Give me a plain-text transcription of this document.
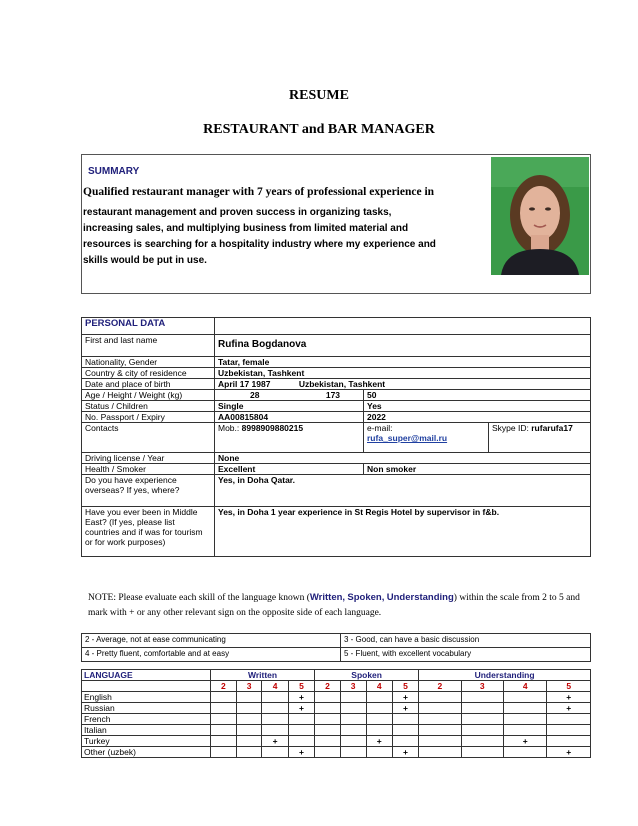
RESUME
RESTAURANT and BAR MANAGER
SUMMARY
Qualified restaurant manager with 7 years of professional experience in
restaurant management and proven success in organizing tasks,
increasing sales, and multiplying business from limited material and
resources is searching for a hospitality industry where my experience and
skills would be put in use.
PERSONAL DATA			
First and last name	Rufina Bogdanova		
Nationality, Gender	Tatar, female		
Country & city of residence	Uzbekistan, Tashkent		
Date and place of birth	April 17 1987 Uzbekistan, Tashkent		
Age / Height / Weight (kg)	28 173	50	
Status / Children	Single	Yes	
No. Passport / Expiry	AA00815804	2022	
Contacts	Mob.: 8998909880215	e-mail:
rufa_super@mail.ru	Skype ID: rufarufa17
Driving license / Year	None		
Health / Smoker	Excellent	Non smoker	
Do you have experience overseas? If yes, where?	Yes, in Doha Qatar.		
Have you ever been in Middle East? (If yes, please list countries and if was for tourism or for work purposes)	Yes, in Doha 1 year experience in St Regis Hotel by supervisor in f&b.		
NOTE: Please evaluate each skill of the language known (Written, Spoken, Understanding) within the scale from 2 to 5 and mark with + or any other relevant sign on the opposite side of each language.
2 - Average, not at ease communicating	3 - Good, can have a basic discussion
4 - Pretty fluent, comfortable and at easy	5 - Fluent, with excellent vocabulary
LANGUAGE	Written				Spoken				Understanding			
	2	3	4	5	2	3	4	5	2	3	4	5
English				+				+				+
Russian				+				+				+
French												
Italian												
Turkey			+				+				+	
Other (uzbek)				+				+				+
